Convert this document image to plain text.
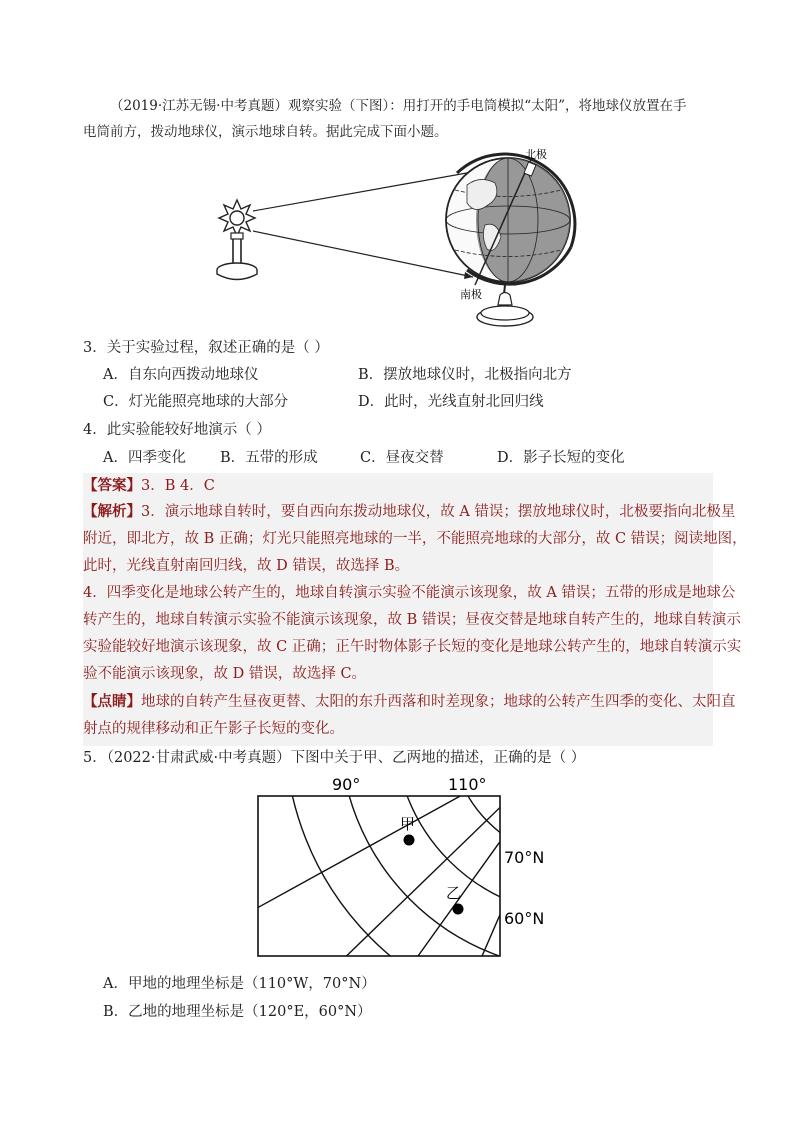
（2019·江苏无锡·中考真题）观察实验（下图）：用打开的手电筒模拟“太阳”，将地球仪放置在手
电筒前方，拨动地球仪，演示地球自转。据此完成下面小题。
北极
南极
3．关于实验过程，叙述正确的是（ ）
A．自东向西拨动地球仪	B．摆放地球仪时，北极指向北方
C．灯光能照亮地球的大部分	D．此时，光线直射北回归线
4．此实验能较好地演示（ ）
A．四季变化 B．五带的形成	C．昼夜交替	D．影子长短的变化
【答案】3．B 4．C
【解析】3．演示地球自转时，要自西向东拨动地球仪，故 A 错误；摆放地球仪时，北极要指向北极星
附近，即北方，故 B 正确；灯光只能照亮地球的一半，不能照亮地球的大部分，故 C 错误；阅读地图，
此时，光线直射南回归线，故 D 错误，故选择 B。
4．四季变化是地球公转产生的，地球自转演示实验不能演示该现象，故 A 错误；五带的形成是地球公
转产生的，地球自转演示实验不能演示该现象，故 B 错误；昼夜交替是地球自转产生的，地球自转演示
实验能较好地演示该现象，故 C 正确；正午时物体影子长短的变化是地球公转产生的，地球自转演示实
验不能演示该现象，故 D 错误，故选择 C。
【点睛】地球的自转产生昼夜更替、太阳的东升西落和时差现象；地球的公转产生四季的变化、太阳直
射点的规律移动和正午影子长短的变化。
5．（2022·甘肃武威·中考真题）下图中关于甲、乙两地的描述，正确的是（ ）
90°	110°
70°N
60°N
甲
乙
A．甲地的地理坐标是（110°W，70°N）
B．乙地的地理坐标是（120°E，60°N）
